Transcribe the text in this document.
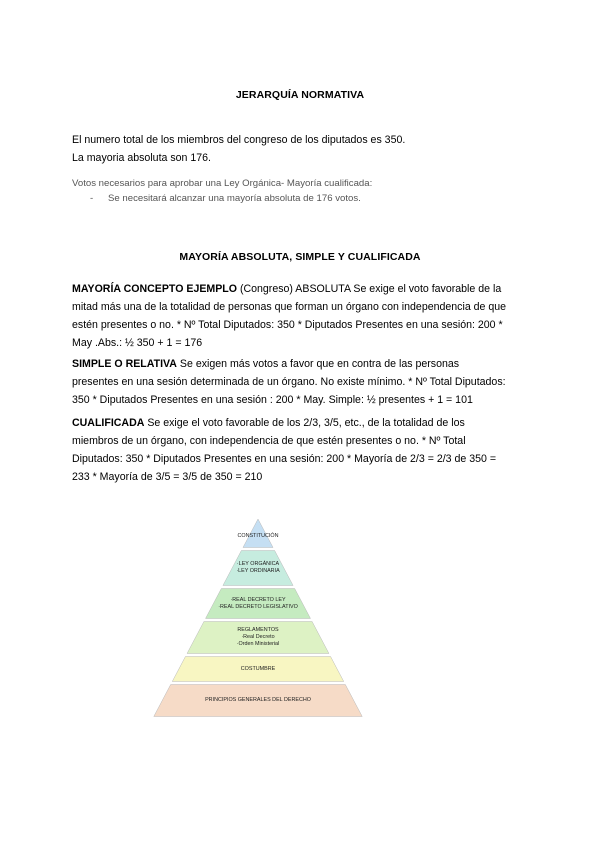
JERARQUÍA NORMATIVA
El numero total de los miembros del congreso de los diputados es 350.
La mayoria absoluta son 176.
Votos necesarios para aprobar una Ley Orgánica- Mayoría cualificada:
- Se necesitará alcanzar una mayoría absoluta de 176 votos.
MAYORÍA ABSOLUTA, SIMPLE Y CUALIFICADA
MAYORÍA CONCEPTO EJEMPLO (Congreso) ABSOLUTA Se exige el voto favorable de la
mitad más una de la totalidad de personas que forman un órgano con independencia de que
estén presentes o no. * Nº Total Diputados: 350 * Diputados Presentes en una sesión: 200 *
May .Abs.: ½ 350 + 1 = 176
SIMPLE O RELATIVA Se exigen más votos a favor que en contra de las personas
presentes en una sesión determinada de un órgano. No existe mínimo. * Nº Total Diputados:
350 * Diputados Presentes en una sesión : 200 * May. Simple: ½ presentes + 1 = 101
CUALIFICADA Se exige el voto favorable de los 2/3, 3/5, etc., de la totalidad de los
miembros de un órgano, con independencia de que estén presentes o no. * Nº Total
Diputados: 350 * Diputados Presentes en una sesión: 200 * Mayoría de 2/3 = 2/3 de 350 =
233 * Mayoría de 3/5 = 3/5 de 350 = 210
CONSTITUCIÓN
·LEY ORGÁNICA
·LEY ORDINARIA
·REAL DECRETO LEY
·REAL DECRETO LEGISLATIVO
REGLAMENTOS
·Real Decreto
·Orden Ministerial
COSTUMBRE
PRINCIPIOS GENERALES DEL DERECHO
